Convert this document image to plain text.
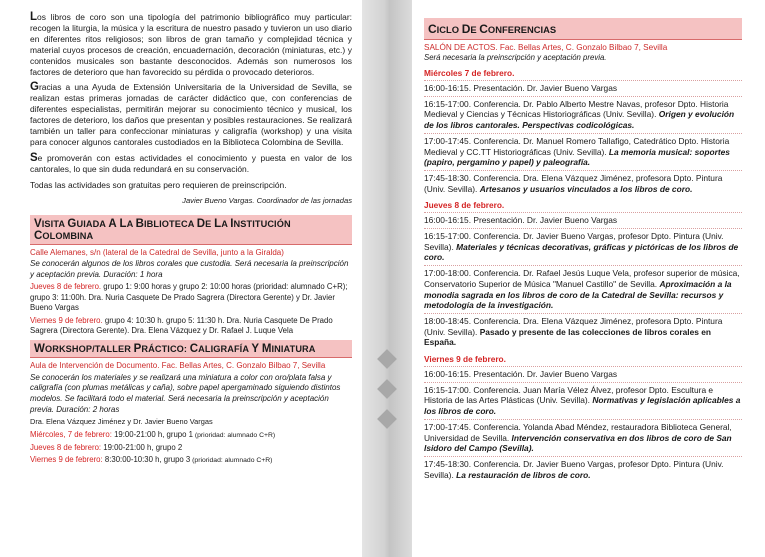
Los libros de coro son una tipología del patrimonio bibliográfico muy particular: recogen la liturgia, la música y la escritura de nuestro pasado y tuvieron un uso diario en diferentes ritos religiosos; son libros de gran tamaño y complejidad técnica y material cuyos procesos de creación, encuadernación, decoración (miniaturas, etc.) y contenidos musicales son bastante desconocidos. Además son numerosos los factores de deterioro que han favorecido su pérdida o provocado deterioros.

Gracias a una Ayuda de Extensión Universitaria de la Universidad de Sevilla, se realizan estas primeras jornadas de carácter didáctico que, con conferencias de diferentes especialistas, permitirán mejorar su conocimiento técnico y musical, los factores de deterioro, los daños que presentan y posibles restauraciones. Se realizará también un taller para confeccionar miniaturas y caligrafía (workshop) y una visita para conocer algunos cantorales custodiados en la Biblioteca Colombina de Sevilla.

Se promoverán con estas actividades el conocimiento y puesta en valor de los cantorales, lo que sin duda redundará en su conservación.

Todas las actividades son gratuitas pero requieren de preinscripción.

Javier Bueno Vargas. Coordinador de las jornadas

VISITA GUIADA A LA BIBLIOTECA DE LA INSTITUCIÓN COLOMBINA

Calle Alemanes, s/n (lateral de la Catedral de Sevilla, junto a la Giralda)

Se conocerán algunos de los libros corales que custodia. Será necesaria la preinscripción y aceptación previa. Duración: 1 hora

Jueves 8 de febrero. grupo 1: 9:00 horas y grupo 2: 10:00 horas (prioridad: alumnado C+R); grupo 3: 11:00h. Dra. Nuria Casquete De Prado Sagrera (Directora Gerente) y Dr. Javier Bueno Vargas

Viernes 9 de febrero. grupo 4: 10:30 h. grupo 5: 11:30 h. Dra. Nuria Casquete De Prado Sagrera (Directora Gerente). Dra. Elena Vázquez y Dr. Rafael J. Luque Vela

WORKSHOP/TALLER PRÁCTICO: CALIGRAFÍA Y MINIATURA

Aula de Intervención de Documento. Fac. Bellas Artes, C. Gonzalo Bilbao 7, Sevilla

Se conocerán los materiales y se realizará una miniatura a color con oro/plata falsa y caligrafía (con plumas metálicas y caña), sobre papel apergaminado siguiendo distintos modelos. Se facilitará todo el material. Será necesaria la preinscripción y aceptación previa. Duración: 2 horas

Dra. Elena Vázquez Jiménez y Dr. Javier Bueno Vargas

Miércoles, 7 de febrero: 19:00-21:00 h, grupo 1 (prioridad: alumnado C+R)

Jueves 8 de febrero: 19:00-21:00 h, grupo 2

Viernes 9 de febrero: 8:30:00-10:30 h, grupo 3 (prioridad: alumnado C+R)

CICLO DE CONFERENCIAS

SALÓN DE ACTOS. Fac. Bellas Artes, C. Gonzalo Bilbao 7, Sevilla

Será necesaria la preinscripción y aceptación previa.

Miércoles 7 de febrero.

16:00-16:15. Presentación. Dr. Javier Bueno Vargas

16:15-17:00. Conferencia. Dr. Pablo Alberto Mestre Navas, profesor Dpto. Historia Medieval y Ciencias y Técnicas Historiográficas (Univ. Sevilla). Origen y evolución de los libros cantorales. Perspectivas codicológicas.

17:00-17:45. Conferencia. Dr. Manuel Romero Tallafigo, Catedrático Dpto. Historia Medieval y CC.TT Historiográficas (Univ. Sevilla). La memoria musical: soportes (papiro, pergamino y papel) y paleografía.

17:45-18:30. Conferencia. Dra. Elena Vázquez Jiménez, profesora Dpto. Pintura (Univ. Sevilla). Artesanos y usuarios vinculados a los libros de coro.

Jueves 8 de febrero.

16:00-16:15. Presentación. Dr. Javier Bueno Vargas

16:15-17:00. Conferencia. Dr. Javier Bueno Vargas, profesor Dpto. Pintura (Univ. Sevilla). Materiales y técnicas decorativas, gráficas y pictóricas de los libros de coro.

17:00-18:00. Conferencia. Dr. Rafael Jesús Luque Vela, profesor superior de música, Conservatorio Superior de Música "Manuel Castillo" de Sevilla. Aproximación a la monodia sagrada en los libros de coro de la Catedral de Sevilla: recursos y metodología de la investigación.

18:00-18:45. Conferencia. Dra. Elena Vázquez Jiménez, profesora Dpto. Pintura (Univ. Sevilla). Pasado y presente de las colecciones de libros corales en España.

Viernes 9 de febrero.

16:00-16:15. Presentación. Dr. Javier Bueno Vargas

16:15-17:00. Conferencia. Juan María Vélez Álvez, profesor Dpto. Escultura e Historia de las Artes Plásticas (Univ. Sevilla). Normativas y legislación aplicables a los libros de coro.

17:00-17:45. Conferencia. Yolanda Abad Méndez, restauradora Biblioteca General, Universidad de Sevilla. Intervención conservativa en dos libros de coro de San Isidoro del Campo (Sevilla).

17:45-18:30. Conferencia. Dr. Javier Bueno Vargas, profesor Dpto. Pintura (Univ. Sevilla). La restauración de libros de coro.
